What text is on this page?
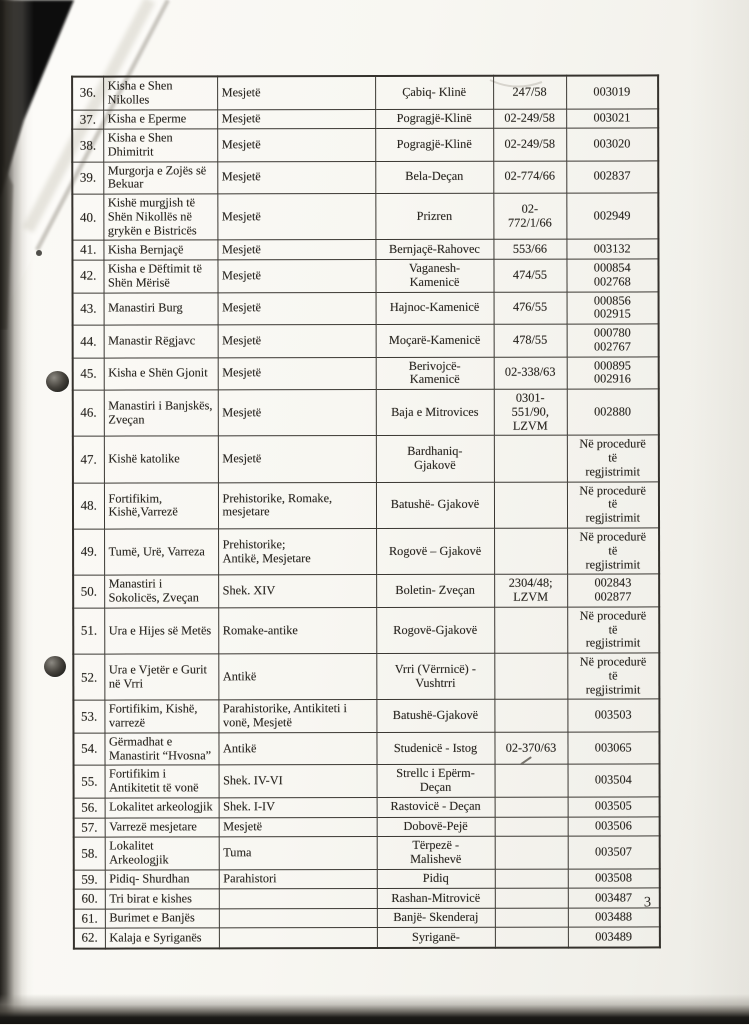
36.	Kisha e Shen Nikolles	Mesjetë	Çabiq- Klinë	247/58	003019
37.	Kisha e Eperme	Mesjetë	Pogragjë-Klinë	02-249/58	003021
38.	Kisha e Shen Dhimitrit	Mesjetë	Pogragjë-Klinë	02-249/58	003020
39.	Murgorja e Zojës së Bekuar	Mesjetë	Bela-Deçan	02-774/66	002837
40.	Kishë murgjish të Shën Nikollës në grykën e Bistricës	Mesjetë	Prizren	02-
772/1/66	002949
41.	Kisha Bernjaçë	Mesjetë	Bernjaçë-Rahovec	553/66	003132
42.	Kisha e Dëftimit të Shën Mërisë	Mesjetë	Vaganesh-
Kamenicë	474/55	000854
002768
43.	Manastiri Burg	Mesjetë	Hajnoc-Kamenicë	476/55	000856
002915
44.	Manastir Rëgjavc	Mesjetë	Moçarë-Kamenicë	478/55	000780
002767
45.	Kisha e Shën Gjonit	Mesjetë	Berivojcë-
Kamenicë	02-338/63	000895
002916
46.	Manastiri i Banjskës, Zveçan	Mesjetë	Baja e Mitrovices	0301-
551/90,
LZVM	002880
47.	Kishë katolike	Mesjetë	Bardhaniq-
Gjakovë		Në procedurë
të
regjistrimit
48.	Fortifikim, Kishë,Varrezë	Prehistorike, Romake,
mesjetare	Batushë- Gjakovë		Në procedurë
të
regjistrimit
49.	Tumë, Urë, Varreza	Prehistorike;
Antikë, Mesjetare	Rogovë – Gjakovë		Në procedurë
të
regjistrimit
50.	Manastiri i Sokolicës, Zveçan	Shek. XIV	Boletin- Zveçan	2304/48;
LZVM	002843
002877
51.	Ura e Hijes së Metës	Romake-antike	Rogovë-Gjakovë		Në procedurë
të
regjistrimit
52.	Ura e Vjetër e Gurit në Vrri	Antikë	Vrri (Vërrnicë) -
Vushtrri		Në procedurë
të
regjistrimit
53.	Fortifikim, Kishë, varrezë	Parahistorike, Antikiteti i
vonë, Mesjetë	Batushë-Gjakovë		003503
54.	Gërmadhat e Manastirit “Hvosna”	Antikë	Studenicë - Istog	02-370/63	003065
55.	Fortifikim i Antikitetit të vonë	Shek. IV-VI	Strellc i Epërm-
Deçan		003504
56.	Lokalitet arkeologjik	Shek. I-IV	Rastovicë - Deçan		003505
57.	Varrezë mesjetare	Mesjetë	Dobovë-Pejë		003506
58.	Lokalitet Arkeologjik	Tuma	Tërpezë -
Malishevë		003507
59.	Pidiq- Shurdhan	Parahistori	Pidiq		003508
60.	Tri birat e kishes		Rashan-Mitrovicë		003487
61.	Burimet e Banjës		Banjë- Skenderaj		003488
62.	Kalaja e Syriganës		Syriganë-		003489
3
